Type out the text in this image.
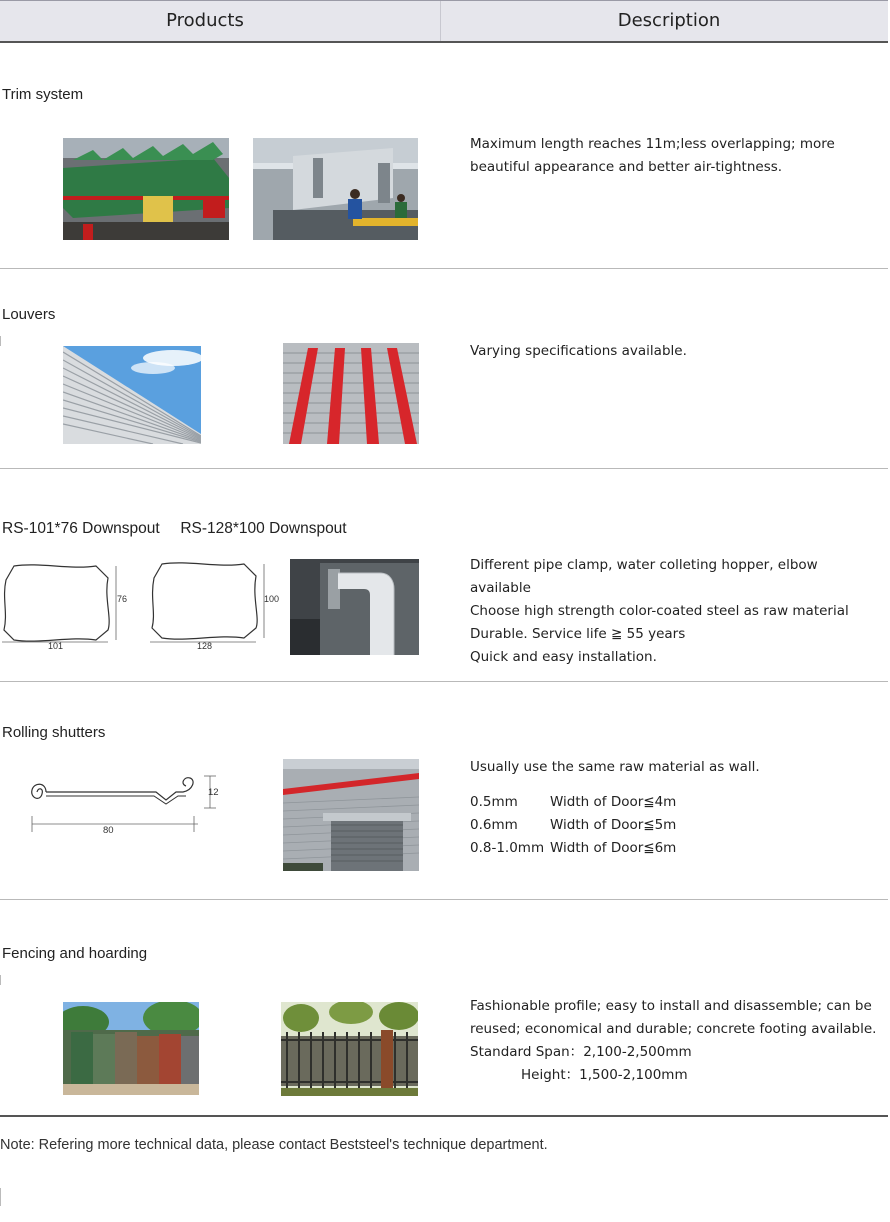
Products	Description
Trim system

Maximum length reaches 11m;less overlapping; more beautiful appearance and better air-tightness.

Louvers

Varying specifications available.

RS-101*76 Downspout RS-128*100 Downspout
76
101
100
128

Different pipe clamp, water colleting hopper, elbow available

Choose high strength color-coated steel as raw material

Durable. Service life ≧ 55 years

Quick and easy installation.

Rolling shutters
12
80

Usually use the same raw material as wall.

0.5mm Width of Door≦4m
0.6mm Width of Door≦5m
0.8-1.0mm Width of Door≦6m
Fencing and hoarding

Fashionable profile; easy to install and disassemble; can be reused; economical and durable; concrete footing available.

Standard Span：2,100-2,500mm
Height：1,500-2,100mm
Note: Refering more technical data, please contact Beststeel's technique department.
